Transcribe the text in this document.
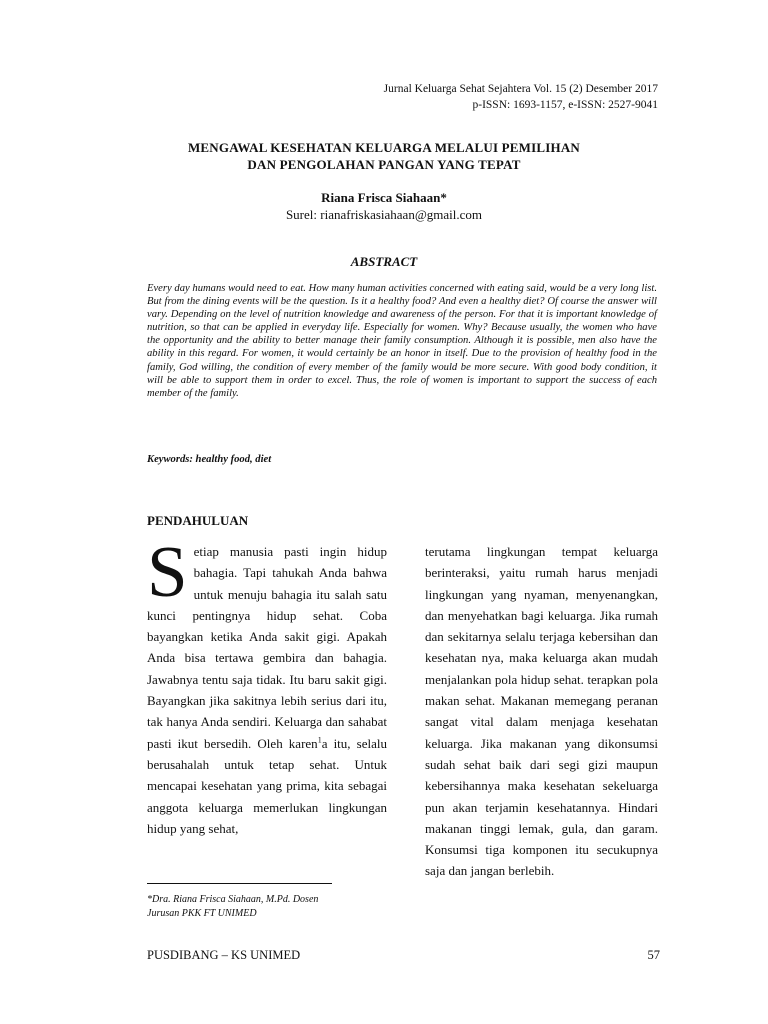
Jurnal Keluarga Sehat Sejahtera Vol. 15 (2) Desember 2017
p-ISSN: 1693-1157, e-ISSN: 2527-9041
MENGAWAL KESEHATAN KELUARGA MELALUI PEMILIHAN
DAN PENGOLAHAN PANGAN YANG TEPAT
Riana Frisca Siahaan*
Surel: rianafriskasiahaan@gmail.com
ABSTRACT
Every day humans would need to eat. How many human activities concerned with eating said, would be a very long list. But from the dining events will be the question. Is it a healthy food? And even a healthy diet? Of course the answer will vary. Depending on the level of nutrition knowledge and awareness of the person. For that it is important knowledge of nutrition, so that can be applied in everyday life. Especially for women. Why? Because usually, the women who have the opportunity and the ability to better manage their family consumption. Although it is possible, men also have the ability in this regard. For women, it would certainly be an honor in itself. Due to the provision of healthy food in the family, God willing, the condition of every member of the family would be more secure. With good body condition, it will be able to support them in order to excel. Thus, the role of women is important to support the success of each member of the family.
Keywords: healthy food, diet
PENDAHULUAN

Setiap manusia pasti ingin hidup bahagia. Tapi tahukah Anda bahwa untuk menuju bahagia itu salah satu kunci pentingnya hidup sehat. Coba bayangkan ketika Anda sakit gigi. Apakah Anda bisa tertawa gembira dan bahagia. Jawabnya tentu saja tidak. Itu baru sakit gigi. Bayangkan jika sakitnya lebih serius dari itu, tak hanya Anda sendiri. Keluarga dan sahabat pasti ikut bersedih. Oleh karen$^1$a itu, selalu berusahalah untuk tetap sehat. Untuk mencapai kesehatan yang prima, kita sebagai anggota keluarga memerlukan lingkungan hidup yang sehat,

terutama lingkungan tempat keluarga berinteraksi, yaitu rumah harus menjadi lingkungan yang nyaman, menyenangkan, dan menyehatkan bagi keluarga. Jika rumah dan sekitarnya selalu terjaga kebersihan dan kesehatan nya, maka keluarga akan mudah menjalankan pola hidup sehat. terapkan pola makan sehat. Makanan memegang peranan sangat vital dalam menjaga kesehatan keluarga. Jika makanan yang dikonsumsi sudah sehat baik dari segi gizi maupun kebersihannya maka kesehatan sekeluarga pun akan terjamin kesehatannya. Hindari makanan tinggi lemak, gula, dan garam. Konsumsi tiga komponen itu secukupnya saja dan jangan berlebih.

*Dra. Riana Frisca Siahaan, M.Pd. Dosen
Jurusan PKK FT UNIMED
PUSDIBANG – KS UNIMED	57
